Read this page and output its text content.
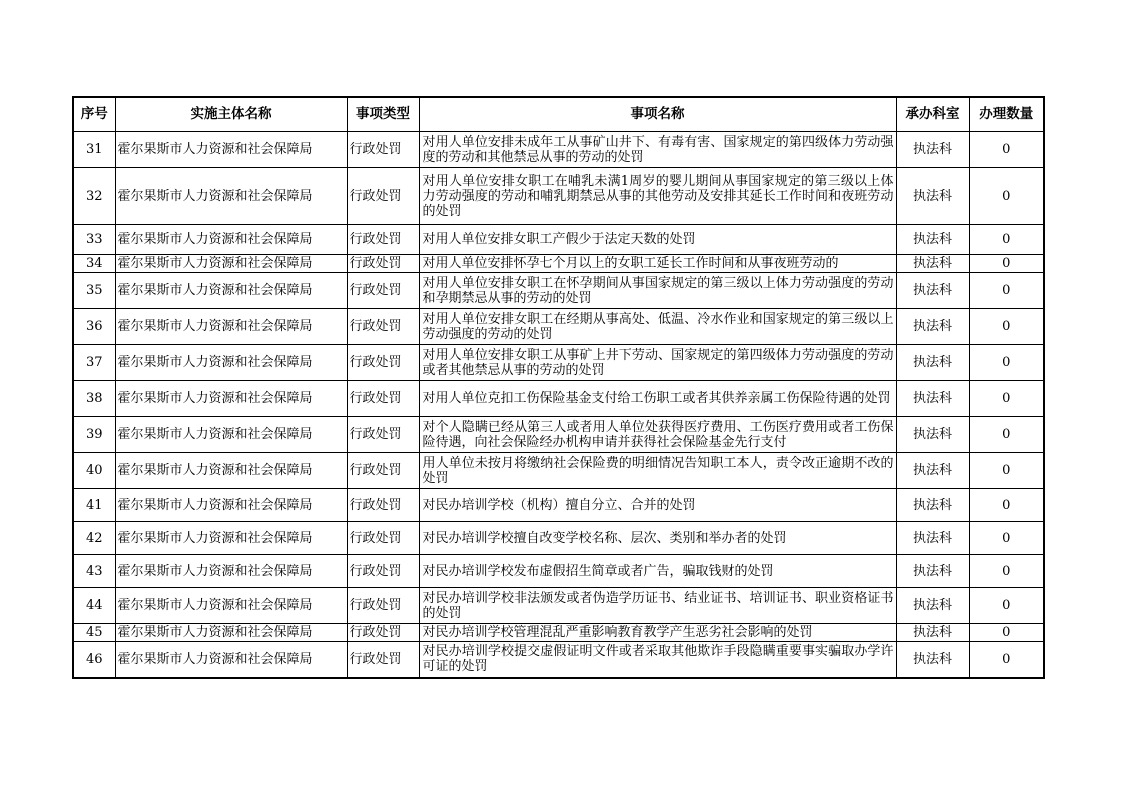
序号	实施主体名称	事项类型	事项名称	承办科室	办理数量
31	霍尔果斯市人力资源和社会保障局	行政处罚	对用人单位安排未成年工从事矿山井下、有毒有害、国家规定的第四级体力劳动强度的劳动和其他禁忌从事的劳动的处罚	执法科	0
32	霍尔果斯市人力资源和社会保障局	行政处罚	对用人单位安排女职工在哺乳未满1周岁的婴儿期间从事国家规定的第三级以上体力劳动强度的劳动和哺乳期禁忌从事的其他劳动及安排其延长工作时间和夜班劳动的处罚	执法科	0
33	霍尔果斯市人力资源和社会保障局	行政处罚	对用人单位安排女职工产假少于法定天数的处罚	执法科	0
34	霍尔果斯市人力资源和社会保障局	行政处罚	对用人单位安排怀孕七个月以上的女职工延长工作时间和从事夜班劳动的	执法科	0
35	霍尔果斯市人力资源和社会保障局	行政处罚	对用人单位安排女职工在怀孕期间从事国家规定的第三级以上体力劳动强度的劳动和孕期禁忌从事的劳动的处罚	执法科	0
36	霍尔果斯市人力资源和社会保障局	行政处罚	对用人单位安排女职工在经期从事高处、低温、冷水作业和国家规定的第三级以上劳动强度的劳动的处罚	执法科	0
37	霍尔果斯市人力资源和社会保障局	行政处罚	对用人单位安排女职工从事矿上井下劳动、国家规定的第四级体力劳动强度的劳动或者其他禁忌从事的劳动的处罚	执法科	0
38	霍尔果斯市人力资源和社会保障局	行政处罚	对用人单位克扣工伤保险基金支付给工伤职工或者其供养亲属工伤保险待遇的处罚	执法科	0
39	霍尔果斯市人力资源和社会保障局	行政处罚	对个人隐瞒已经从第三人或者用人单位处获得医疗费用、工伤医疗费用或者工伤保险待遇，向社会保险经办机构申请并获得社会保险基金先行支付	执法科	0
40	霍尔果斯市人力资源和社会保障局	行政处罚	用人单位未按月将缴纳社会保险费的明细情况告知职工本人，责令改正逾期不改的处罚	执法科	0
41	霍尔果斯市人力资源和社会保障局	行政处罚	对民办培训学校（机构）擅自分立、合并的处罚	执法科	0
42	霍尔果斯市人力资源和社会保障局	行政处罚	对民办培训学校擅自改变学校名称、层次、类别和举办者的处罚	执法科	0
43	霍尔果斯市人力资源和社会保障局	行政处罚	对民办培训学校发布虚假招生简章或者广告，骗取钱财的处罚	执法科	0
44	霍尔果斯市人力资源和社会保障局	行政处罚	对民办培训学校非法颁发或者伪造学历证书、结业证书、培训证书、职业资格证书的处罚	执法科	0
45	霍尔果斯市人力资源和社会保障局	行政处罚	对民办培训学校管理混乱严重影响教育教学产生恶劣社会影响的处罚	执法科	0
46	霍尔果斯市人力资源和社会保障局	行政处罚	对民办培训学校提交虚假证明文件或者采取其他欺诈手段隐瞒重要事实骗取办学许可证的处罚	执法科	0
